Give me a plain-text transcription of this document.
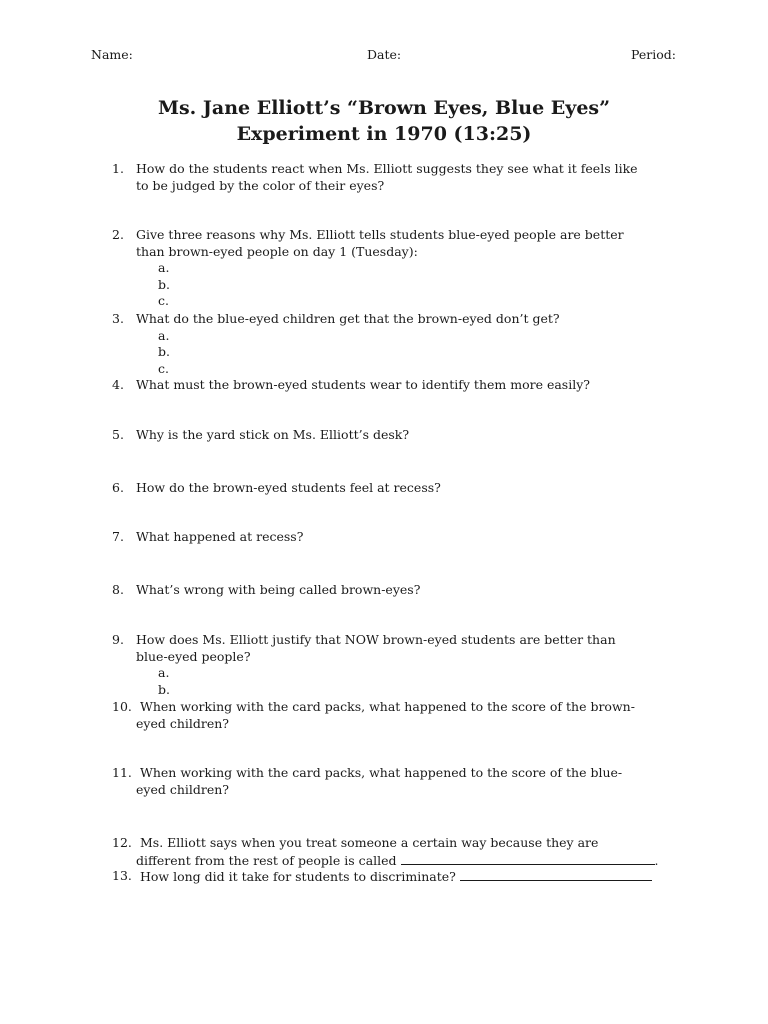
Name:	Date:	Period:
Ms. Jane Elliott’s “Brown Eyes, Blue Eyes”
Experiment in 1970 (13:25)
1. How do the students react when Ms. Elliott suggests they see what it feels like
to be judged by the color of their eyes?
2. Give three reasons why Ms. Elliott tells students blue-eyed people are better
than brown-eyed people on day 1 (Tuesday):
a.
b.
c.
3. What do the blue-eyed children get that the brown-eyed don’t get?
a.
b.
c.
4. What must the brown-eyed students wear to identify them more easily?
5. Why is the yard stick on Ms. Elliott’s desk?
6. How do the brown-eyed students feel at recess?
7. What happened at recess?
8. What’s wrong with being called brown-eyes?
9. How does Ms. Elliott justify that NOW brown-eyed students are better than
blue-eyed people?
a.
b.
10. When working with the card packs, what happened to the score of the brown-
eyed children?
11. When working with the card packs, what happened to the score of the blue-
eyed children?
12. Ms. Elliott says when you treat someone a certain way because they are
different from the rest of people is called	.
13. How long did it take for students to discriminate?
